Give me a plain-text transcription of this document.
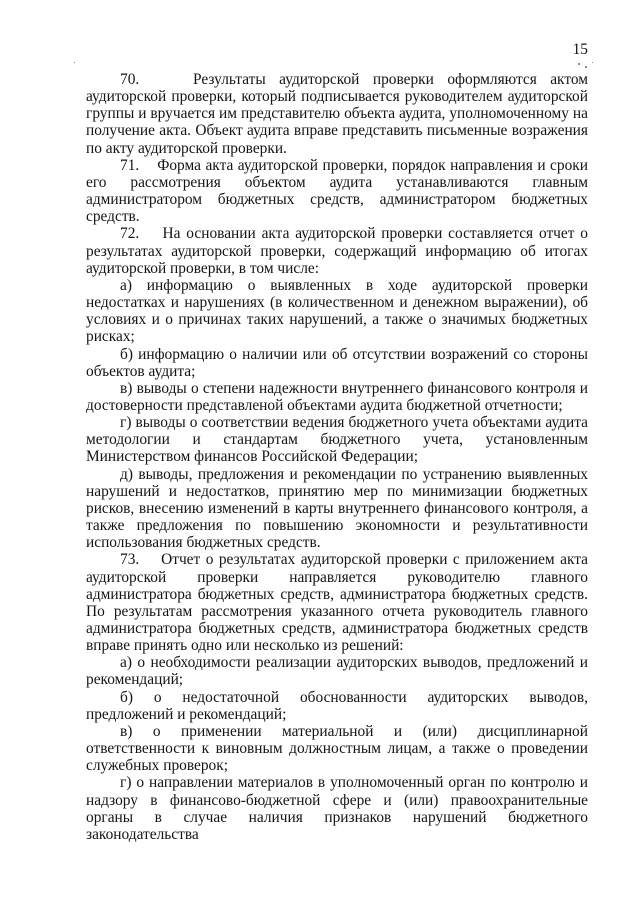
15

70.    Результаты аудиторской проверки оформляются актом аудиторской проверки, который подписывается руководителем аудиторской группы и вручается им представителю объекта аудита, уполномоченному на получение акта. Объект аудита вправе представить письменные возражения по акту аудиторской проверки.

71.    Форма акта аудиторской проверки, порядок направления и сроки его рассмотрения объектом аудита устанавливаются главным администратором бюджетных средств, администратором бюджетных средств.

72.    На основании акта аудиторской проверки составляется отчет о результатах аудиторской проверки, содержащий информацию об итогах аудиторской проверки, в том числе:

а) информацию о выявленных в ходе аудиторской проверки недостатках и нарушениях (в количественном и денежном выражении), об условиях и о причинах таких нарушений, а также о значимых бюджетных рисках;

б) информацию о наличии или об отсутствии возражений со стороны объектов аудита;

в) выводы о степени надежности внутреннего финансового контроля и достоверности представленой объектами аудита бюджетной отчетности;

г) выводы о соответствии ведения бюджетного учета объектами аудита методологии и стандартам бюджетного учета, установленным Министерством финансов Российской Федерации;

д) выводы, предложения и рекомендации по устранению выявленных нарушений и недостатков, принятию мер по минимизации бюджетных рисков, внесению изменений в карты внутреннего финансового контроля, а также предложения по повышению экономности и результативности использования бюджетных средств.

73.    Отчет о результатах аудиторской проверки с приложением акта аудиторской проверки направляется руководителю главного администратора бюджетных средств, администратора бюджетных средств. По результатам рассмотрения указанного отчета руководитель главного администратора бюджетных средств, администратора бюджетных средств вправе принять одно или несколько из решений:

а) о необходимости реализации аудиторских выводов, предложений и рекомендаций;

б) о недостаточной обоснованности аудиторских выводов, предложений и рекомендаций;

в) о применении материальной и (или) дисциплинарной ответственности к виновным должностным лицам, а также о проведении служебных проверок;

г) о направлении материалов в уполномоченный орган по контролю и надзору в финансово-бюджетной сфере и (или) правоохранительные органы в случае наличия признаков нарушений бюджетного законодательства
